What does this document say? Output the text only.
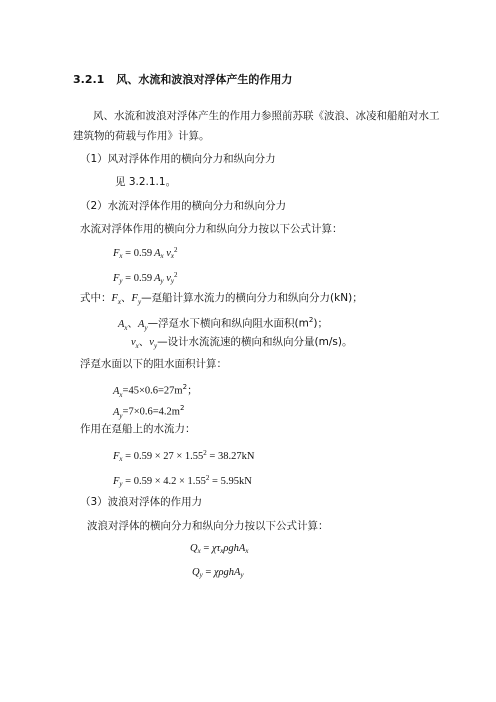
3.2.1 风、水流和波浪对浮体产生的作用力
风、水流和波浪对浮体产生的作用力参照前苏联《波浪、冰凌和船舶对水工
建筑物的荷载与作用》计算。
（1）风对浮体作用的横向分力和纵向分力
见 3.2.1.1。
（2）水流对浮体作用的横向分力和纵向分力
水流对浮体作用的横向分力和纵向分力按以下公式计算：
$F_x = 0.59$ $A_x$ $v_x^2$
$F_y = 0.59$ $A_y$ $v_y^2$
式中：$F_x$、$F_y—$趸船计算水流力的横向分力和纵向分力(kN)；
$A_x$、$A_y—$浮趸水下横向和纵向阻水面积$(m^2)$；
$v_x$、$v_y—$设计水流流速的横向和纵向分量(m/s)。
浮趸水面以下的阻水面积计算：
$A_x=45\times 0.6=27m^2$；
$A_y=7\times 0.6=4.2m^2$
作用在趸船上的水流力：
$F_x = 0.59 \times 27 \times 1.55^2 = 38.27kN$
$F_y = 0.59 \times 4.2 \times 1.55^2 = 5.95kN$
（3）波浪对浮体的作用力
波浪对浮体的横向分力和纵向分力按以下公式计算：
$Q_x = \chi\tau_x\rho ghA_x$
$Q_y = \chi\rho ghA_y$
